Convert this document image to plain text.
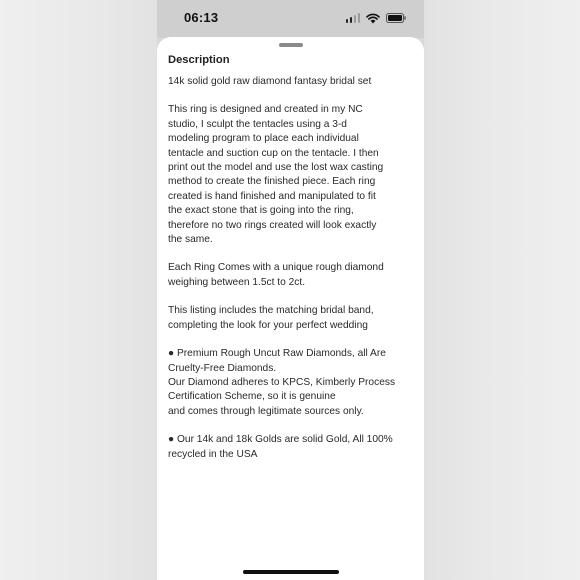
06:13
Description

14k solid gold raw diamond fantasy bridal set

This ring is designed and created in my NC
studio, I sculpt the tentacles using a 3-d
modeling program to place each individual
tentacle and suction cup on the tentacle. I then
print out the model and use the lost wax casting
method to create the finished piece. Each ring
created is hand finished and manipulated to fit
the exact stone that is going into the ring,
therefore no two rings created will look exactly
the same.

Each Ring Comes with a unique rough diamond
weighing between 1.5ct to 2ct.

This listing includes the matching bridal band,
completing the look for your perfect wedding

● Premium Rough Uncut Raw Diamonds, all Are
Cruelty-Free Diamonds.
Our Diamond adheres to KPCS, Kimberly Process
Certification Scheme, so it is genuine
and comes through legitimate sources only.

● Our 14k and 18k Golds are solid Gold, All 100%
recycled in the USA
